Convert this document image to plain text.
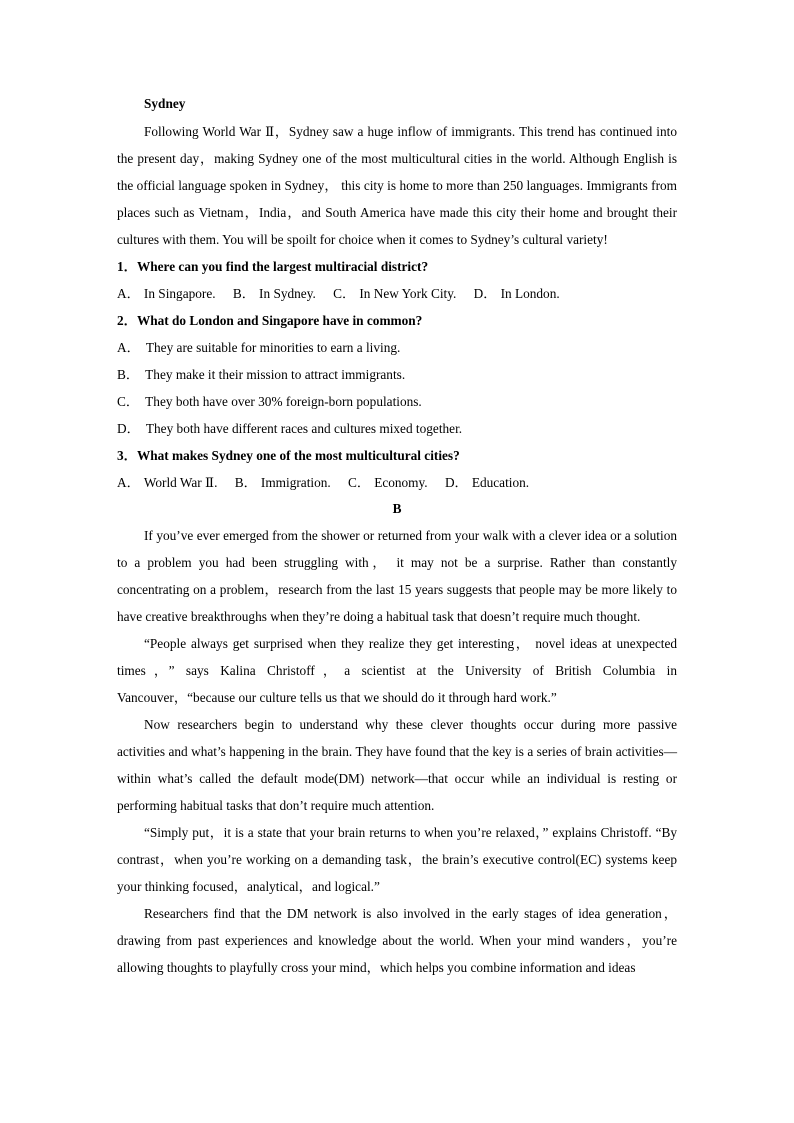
Sydney

Following World War Ⅱ，Sydney saw a huge inflow of immigrants. This trend has continued into the present day，making Sydney one of the most multicultural cities in the world. Although English is the official language spoken in Sydney， this city is home to more than 250 languages. Immigrants from places such as Vietnam，India，and South America have made this city their home and brought their cultures with them. You will be spoilt for choice when it comes to Sydney’s cultural variety!

1．Where can you find the largest multiracial district?

A． In Singapore. B． In Sydney. C． In New York City. D． In London.

2．What do London and Singapore have in common?

A． They are suitable for minorities to earn a living.

B． They make it their mission to attract immigrants.

C． They both have over 30% foreign-born populations.

D． They both have different races and cultures mixed together.

3．What makes Sydney one of the most multicultural cities?

A． World War Ⅱ. B． Immigration. C． Economy. D． Education.

B

If you’ve ever emerged from the shower or returned from your walk with a clever idea or a solution to a problem you had been struggling with， it may not be a surprise. Rather than constantly concentrating on a problem，research from the last 15 years suggests that people may be more likely to have creative breakthroughs when they’re doing a habitual task that doesn’t require much thought.

“People always get surprised when they realize they get interesting， novel ideas at unexpected times，” says Kalina Christoff，a scientist at the University of British Columbia in Vancouver，“because our culture tells us that we should do it through hard work.”

Now researchers begin to understand why these clever thoughts occur during more passive activities and what’s happening in the brain. They have found that the key is a series of brain activities—within what’s called the default mode(DM) network—that occur while an individual is resting or performing habitual tasks that don’t require much attention.

“Simply put，it is a state that your brain returns to when you’re relaxed，” explains Christoff. “By contrast，when you’re working on a demanding task，the brain’s executive control(EC) systems keep your thinking focused，analytical，and logical.”

Researchers find that the DM network is also involved in the early stages of idea generation，drawing from past experiences and knowledge about the world. When your mind wanders，you’re allowing thoughts to playfully cross your mind，which helps you combine information and ideas
